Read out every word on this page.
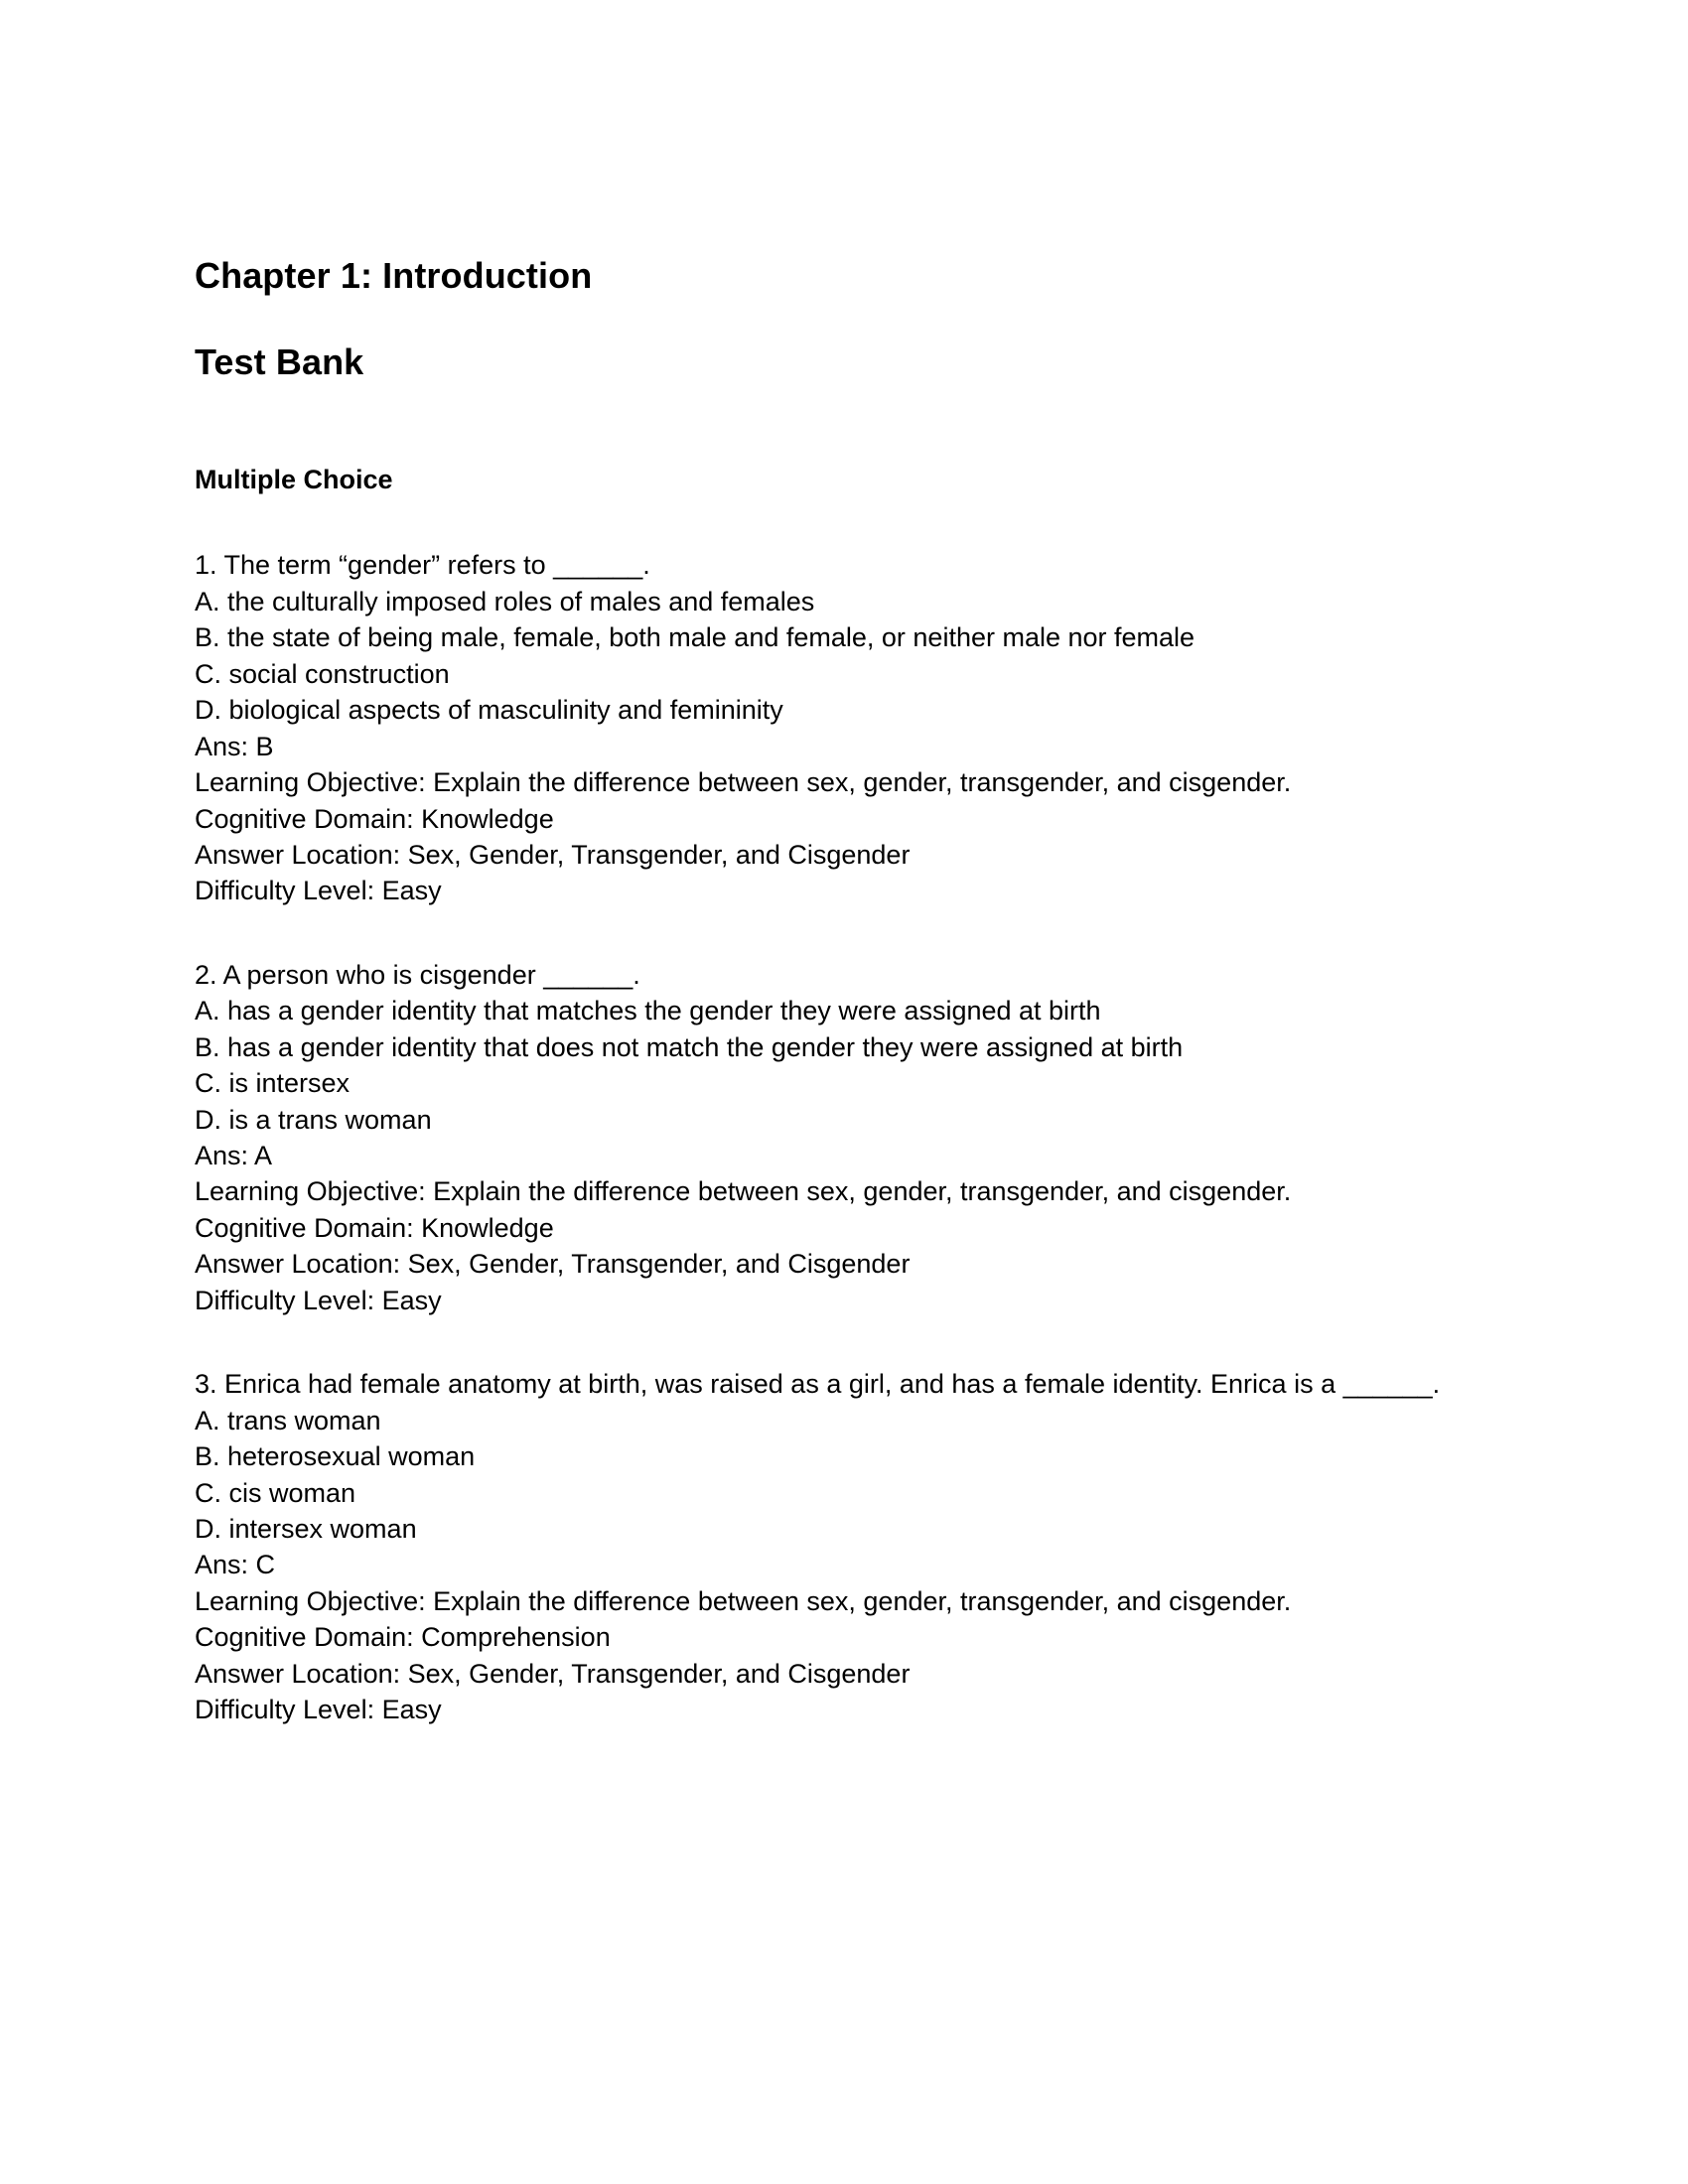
Chapter 1: Introduction
Test Bank
Multiple Choice

1. The term “gender” refers to ______.

A. the culturally imposed roles of males and females

B. the state of being male, female, both male and female, or neither male nor female

C. social construction

D. biological aspects of masculinity and femininity

Ans: B

Learning Objective: Explain the difference between sex, gender, transgender, and cisgender.

Cognitive Domain: Knowledge

Answer Location: Sex, Gender, Transgender, and Cisgender

Difficulty Level: Easy

2. A person who is cisgender ______.

A. has a gender identity that matches the gender they were assigned at birth

B. has a gender identity that does not match the gender they were assigned at birth

C. is intersex

D. is a trans woman

Ans: A

Learning Objective: Explain the difference between sex, gender, transgender, and cisgender.

Cognitive Domain: Knowledge

Answer Location: Sex, Gender, Transgender, and Cisgender

Difficulty Level: Easy

3. Enrica had female anatomy at birth, was raised as a girl, and has a female identity. Enrica is a ______.

A. trans woman

B. heterosexual woman

C. cis woman

D. intersex woman

Ans: C

Learning Objective: Explain the difference between sex, gender, transgender, and cisgender.

Cognitive Domain: Comprehension

Answer Location: Sex, Gender, Transgender, and Cisgender

Difficulty Level: Easy
